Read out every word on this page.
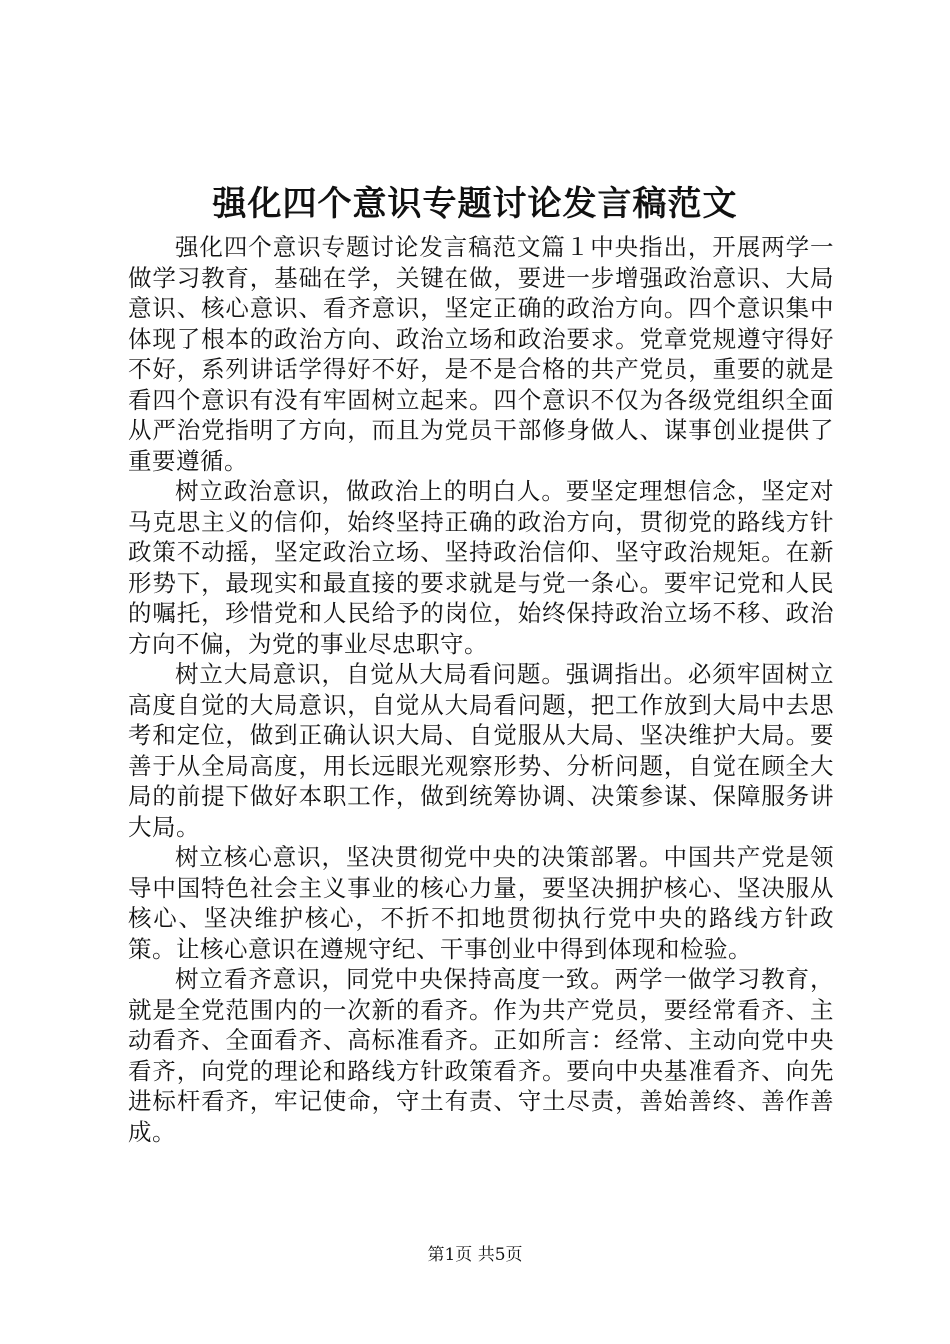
强化四个意识专题讨论发言稿范文

强化四个意识专题讨论发言稿范文篇１中央指出，开展两学一做学习教育，基础在学，关键在做，要进一步增强政治意识、大局意识、核心意识、看齐意识，坚定正确的政治方向。四个意识集中体现了根本的政治方向、政治立场和政治要求。党章党规遵守得好不好，系列讲话学得好不好，是不是合格的共产党员，重要的就是看四个意识有没有牢固树立起来。四个意识不仅为各级党组织全面从严治党指明了方向，而且为党员干部修身做人、谋事创业提供了重要遵循。

树立政治意识，做政治上的明白人。要坚定理想信念，坚定对马克思主义的信仰，始终坚持正确的政治方向，贯彻党的路线方针政策不动摇，坚定政治立场、坚持政治信仰、坚守政治规矩。在新形势下，最现实和最直接的要求就是与党一条心。要牢记党和人民的嘱托，珍惜党和人民给予的岗位，始终保持政治立场不移、政治方向不偏，为党的事业尽忠职守。

树立大局意识，自觉从大局看问题。强调指出。必须牢固树立高度自觉的大局意识，自觉从大局看问题，把工作放到大局中去思考和定位，做到正确认识大局、自觉服从大局、坚决维护大局。要善于从全局高度，用长远眼光观察形势、分析问题，自觉在顾全大局的前提下做好本职工作，做到统筹协调、决策参谋、保障服务讲大局。

树立核心意识，坚决贯彻党中央的决策部署。中国共产党是领导中国特色社会主义事业的核心力量，要坚决拥护核心、坚决服从核心、坚决维护核心，不折不扣地贯彻执行党中央的路线方针政策。让核心意识在遵规守纪、干事创业中得到体现和检验。

树立看齐意识，同党中央保持高度一致。两学一做学习教育，就是全党范围内的一次新的看齐。作为共产党员，要经常看齐、主动看齐、全面看齐、高标准看齐。正如所言：经常、主动向党中央看齐，向党的理论和路线方针政策看齐。要向中央基准看齐、向先进标杆看齐，牢记使命，守土有责、守土尽责，善始善终、善作善成。

第1页 共5页
